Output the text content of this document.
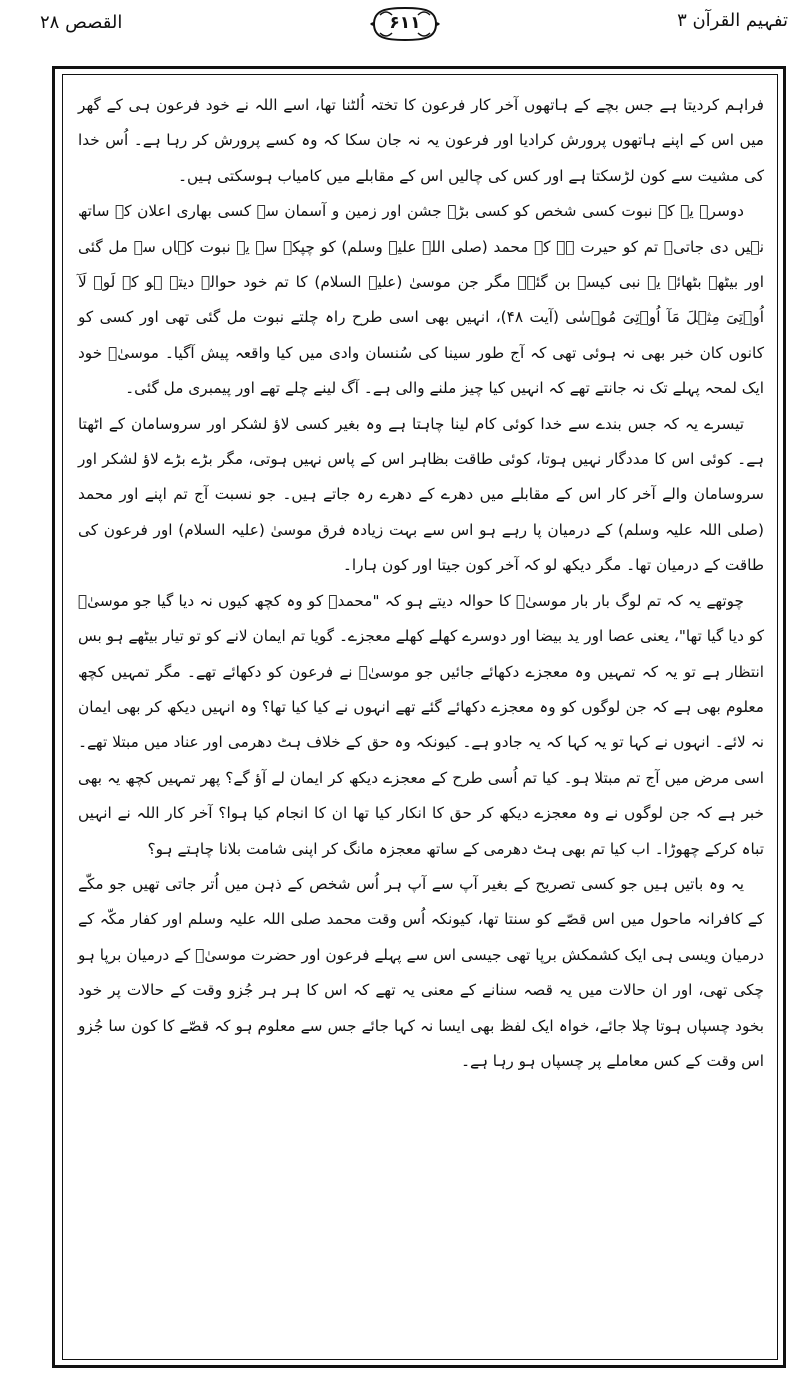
القصص ۲۸	۶۱۱	تفہیم القرآن ۳

فراہم کردیتا ہے جس بچے کے ہاتھوں آخر کار فرعون کا تختہ اُلٹنا تھا، اسے اللہ نے خود فرعون ہی کے گھر میں اس کے اپنے ہاتھوں پرورش کرادیا اور فرعون یہ نہ جان سکا کہ وہ کسے پرورش کر رہا ہے۔ اُس خدا کی مشیت سے کون لڑسکتا ہے اور کس کی چالیں اس کے مقابلے میں کامیاب ہوسکتی ہیں۔

دوسرے یہ کہ نبوت کسی شخص کو کسی بڑے جشن اور زمین و آسمان سے کسی بھاری اعلان کے ساتھ نہیں دی جاتی۔ تم کو حیرت ہے کہ محمد (صلی اللہ علیہ وسلم) کو چپکے سے یہ نبوت کہاں سے مل گئی اور بیٹھے بٹھائے یہ نبی کیسے بن گئے۔ مگر جن موسیٰ (علیہ السلام) کا تم خود حوالہ دیتے ہو کہ لَوۡ لَآ اُوۡتِیَ مِثۡلَ مَآ اُوۡتِیَ مُوۡسٰی (آیت ۴۸)، انہیں بھی اسی طرح راہ چلتے نبوت مل گئی تھی اور کسی کو کانوں کان خبر بھی نہ ہوئی تھی کہ آج طور سینا کی سُنسان وادی میں کیا واقعہ پیش آگیا۔ موسیٰؑ خود ایک لمحہ پہلے تک نہ جانتے تھے کہ انہیں کیا چیز ملنے والی ہے۔ آگ لینے چلے تھے اور پیمبری مل گئی۔

تیسرے یہ کہ جس بندے سے خدا کوئی کام لینا چاہتا ہے وہ بغیر کسی لاؤ لشکر اور سروسامان کے اٹھتا ہے۔ کوئی اس کا مددگار نہیں ہوتا، کوئی طاقت بظاہر اس کے پاس نہیں ہوتی، مگر بڑے بڑے لاؤ لشکر اور سروسامان والے آخر کار اس کے مقابلے میں دھرے کے دھرے رہ جاتے ہیں۔ جو نسبت آج تم اپنے اور محمد (صلی اللہ علیہ وسلم) کے درمیان پا رہے ہو اس سے بہت زیادہ فرق موسیٰ (علیہ السلام) اور فرعون کی طاقت کے درمیان تھا۔ مگر دیکھ لو کہ آخر کون جیتا اور کون ہارا۔

چوتھے یہ کہ تم لوگ بار بار موسیٰؑ کا حوالہ دیتے ہو کہ "محمدؐ کو وہ کچھ کیوں نہ دیا گیا جو موسیٰؑ کو دیا گیا تھا"، یعنی عصا اور ید بیضا اور دوسرے کھلے کھلے معجزے۔ گویا تم ایمان لانے کو تو تیار بیٹھے ہو بس انتظار ہے تو یہ کہ تمہیں وہ معجزے دکھائے جائیں جو موسیٰؑ نے فرعون کو دکھائے تھے۔ مگر تمہیں کچھ معلوم بھی ہے کہ جن لوگوں کو وہ معجزے دکھائے گئے تھے انہوں نے کیا کیا تھا؟ وہ انہیں دیکھ کر بھی ایمان نہ لائے۔ انہوں نے کہا تو یہ کہا کہ یہ جادو ہے۔ کیونکہ وہ حق کے خلاف ہٹ دھرمی اور عناد میں مبتلا تھے۔ اسی مرض میں آج تم مبتلا ہو۔ کیا تم اُسی طرح کے معجزے دیکھ کر ایمان لے آؤ گے؟ پھر تمہیں کچھ یہ بھی خبر ہے کہ جن لوگوں نے وہ معجزے دیکھ کر حق کا انکار کیا تھا ان کا انجام کیا ہوا؟ آخر کار اللہ نے انہیں تباہ کرکے چھوڑا۔ اب کیا تم بھی ہٹ دھرمی کے ساتھ معجزہ مانگ کر اپنی شامت بلانا چاہتے ہو؟

یہ وہ باتیں ہیں جو کسی تصریح کے بغیر آپ سے آپ ہر اُس شخص کے ذہن میں اُتر جاتی تھیں جو مکّے کے کافرانہ ماحول میں اس قصّے کو سنتا تھا، کیونکہ اُس وقت محمد صلی اللہ علیہ وسلم اور کفار مکّہ کے درمیان ویسی ہی ایک کشمکش برپا تھی جیسی اس سے پہلے فرعون اور حضرت موسیٰؑ کے درمیان برپا ہو چکی تھی، اور ان حالات میں یہ قصہ سنانے کے معنی یہ تھے کہ اس کا ہر ہر جُزو وقت کے حالات پر خود بخود چسپاں ہوتا چلا جائے، خواہ ایک لفظ بھی ایسا نہ کہا جائے جس سے معلوم ہو کہ قصّے کا کون سا جُزو اس وقت کے کس معاملے پر چسپاں ہو رہا ہے۔
